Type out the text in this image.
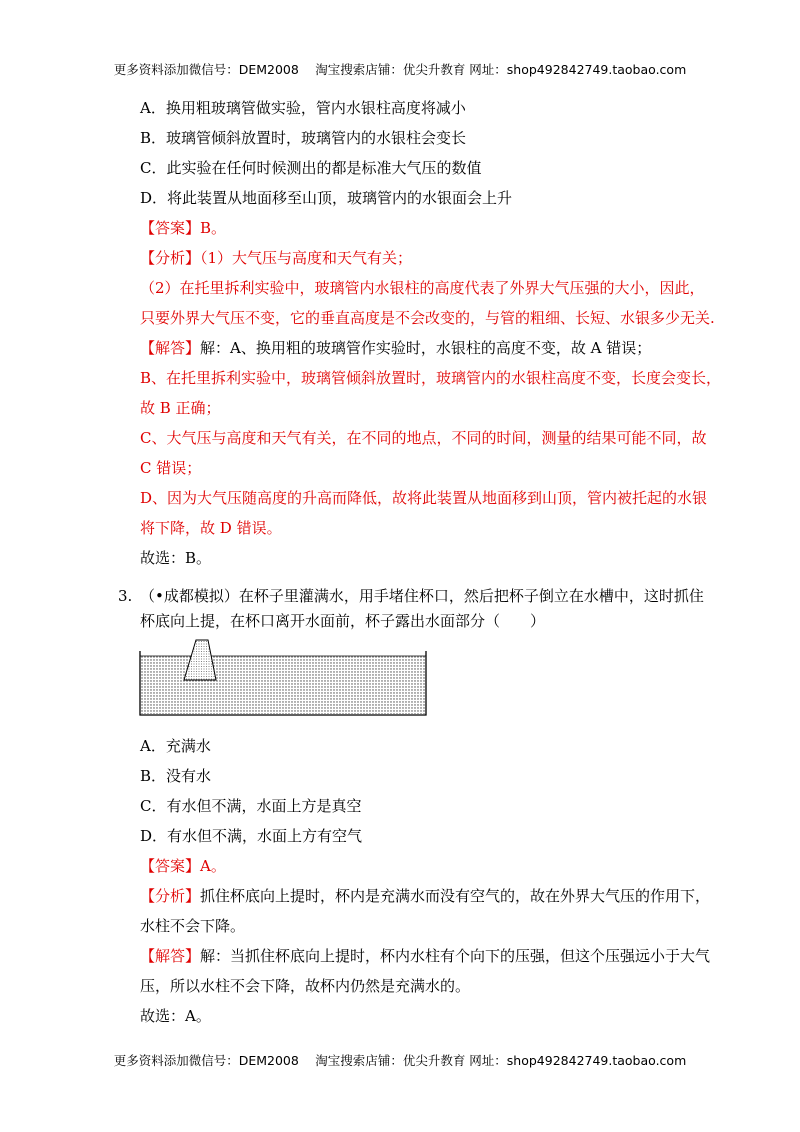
更多资料添加微信号：DEM2008　 淘宝搜索店铺：优尖升教育 网址：shop492842749.taobao.com
A．换用粗玻璃管做实验，管内水银柱高度将减小
B．玻璃管倾斜放置时，玻璃管内的水银柱会变长
C．此实验在任何时候测出的都是标准大气压的数值
D．将此装置从地面移至山顶，玻璃管内的水银面会上升
【答案】B。
【分析】（1）大气压与高度和天气有关；
（2）在托里拆利实验中，玻璃管内水银柱的高度代表了外界大气压强的大小，因此，
只要外界大气压不变，它的垂直高度是不会改变的，与管的粗细、长短、水银多少无关.
【解答】解：A、换用粗的玻璃管作实验时，水银柱的高度不变，故 A 错误；
B、在托里拆利实验中，玻璃管倾斜放置时，玻璃管内的水银柱高度不变，长度会变长，
故 B 正确；
C、大气压与高度和天气有关，在不同的地点，不同的时间，测量的结果可能不同，故
C 错误；
D、因为大气压随高度的升高而降低，故将此装置从地面移到山顶，管内被托起的水银
将下降，故 D 错误。
故选：B。
3. （•成都模拟）在杯子里灌满水，用手堵住杯口，然后把杯子倒立在水槽中，这时抓住
杯底向上提，在杯口离开水面前，杯子露出水面部分（　　）
A．充满水
B．没有水
C．有水但不满，水面上方是真空
D．有水但不满，水面上方有空气
【答案】A。
【分析】抓住杯底向上提时，杯内是充满水而没有空气的，故在外界大气压的作用下，
水柱不会下降。
【解答】解：当抓住杯底向上提时，杯内水柱有个向下的压强，但这个压强远小于大气
压，所以水柱不会下降，故杯内仍然是充满水的。
故选：A。
更多资料添加微信号：DEM2008　 淘宝搜索店铺：优尖升教育 网址：shop492842749.taobao.com
